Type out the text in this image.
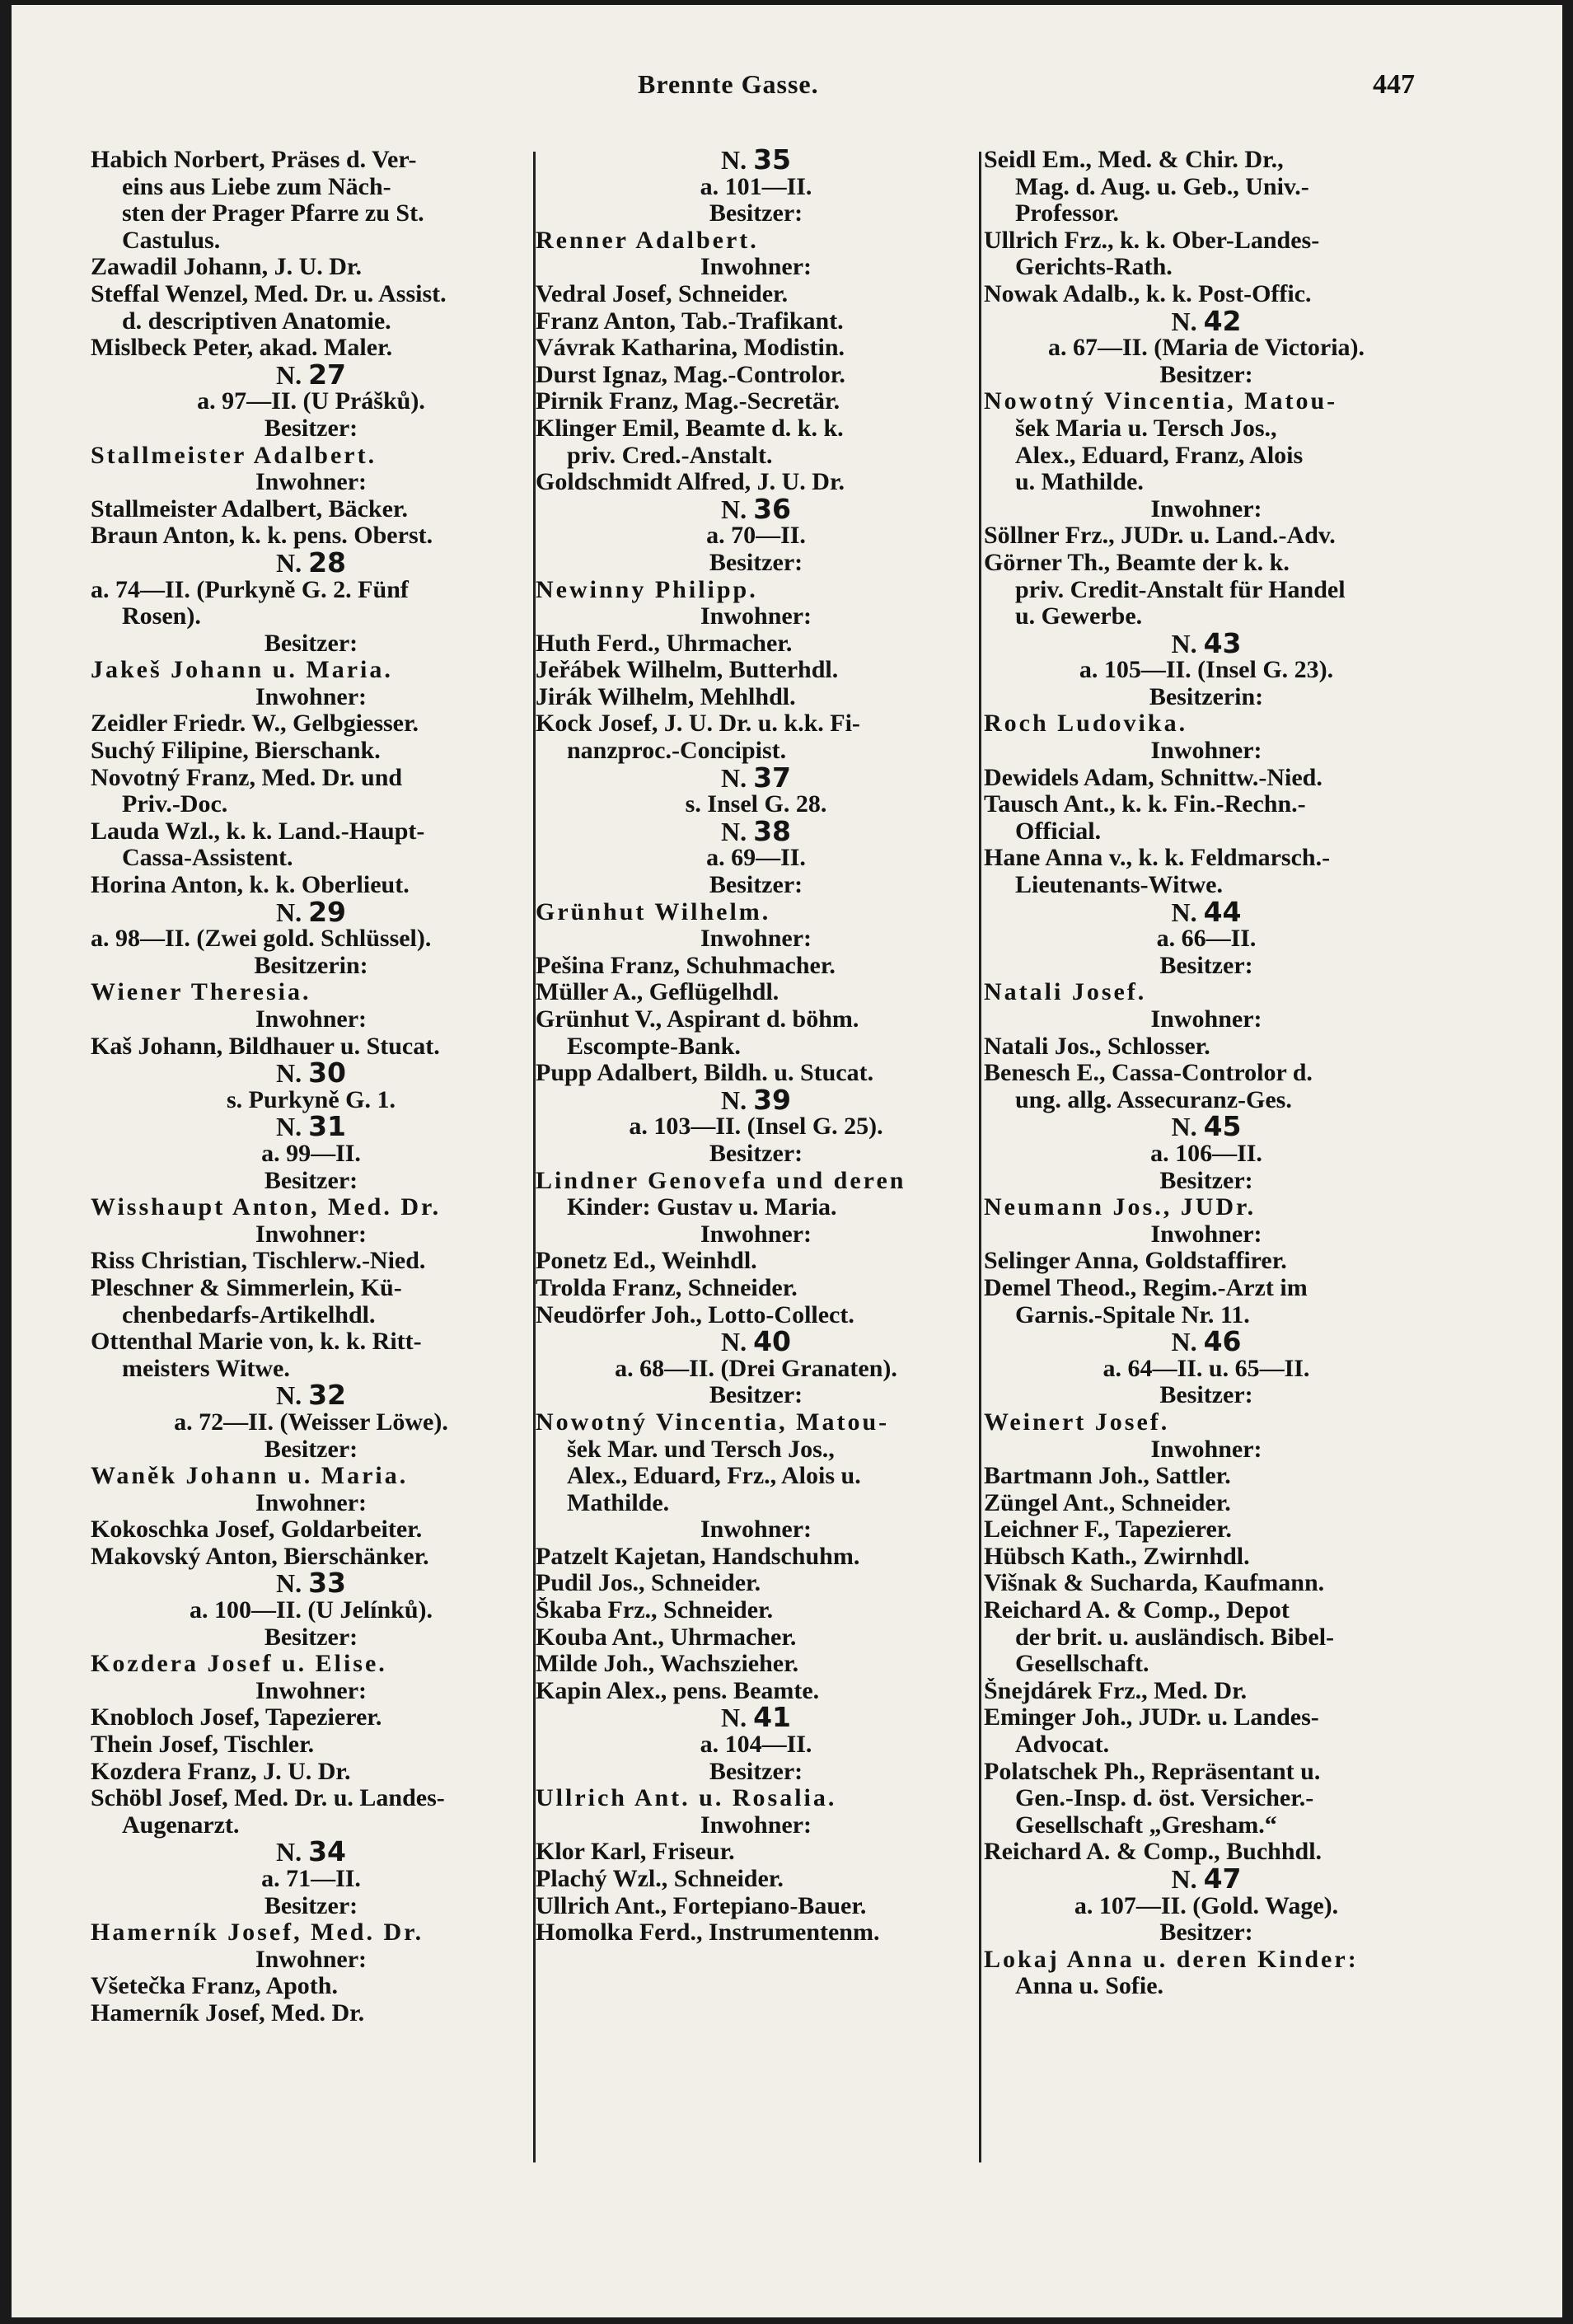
Brennte Gasse.	447
Habich Norbert, Präses d. Ver-
eins aus Liebe zum Näch-
sten der Prager Pfarre zu St.
Castulus.
Zawadil Johann, J. U. Dr.
Steffal Wenzel, Med. Dr. u. Assist.
d. descriptiven Anatomie.
Mislbeck Peter, akad. Maler.
N. 27
a. 97—II. (U Prášků).
Besitzer:
Stallmeister Adalbert.
Inwohner:
Stallmeister Adalbert, Bäcker.
Braun Anton, k. k. pens. Oberst.
N. 28
a. 74—II. (Purkyně G. 2. Fünf
Rosen).
Besitzer:
Jakeš Johann u. Maria.
Inwohner:
Zeidler Friedr. W., Gelbgiesser.
Suchý Filipine, Bierschank.
Novotný Franz, Med. Dr. und
Priv.-Doc.
Lauda Wzl., k. k. Land.-Haupt-
Cassa-Assistent.
Horina Anton, k. k. Oberlieut.
N. 29
a. 98—II. (Zwei gold. Schlüssel).
Besitzerin:
Wiener Theresia.
Inwohner:
Kaš Johann, Bildhauer u. Stucat.
N. 30
s. Purkyně G. 1.
N. 31
a. 99—II.
Besitzer:
Wisshaupt Anton, Med. Dr.
Inwohner:
Riss Christian, Tischlerw.-Nied.
Pleschner & Simmerlein, Kü-
chenbedarfs-Artikelhdl.
Ottenthal Marie von, k. k. Ritt-
meisters Witwe.
N. 32
a. 72—II. (Weisser Löwe).
Besitzer:
Waněk Johann u. Maria.
Inwohner:
Kokoschka Josef, Goldarbeiter.
Makovský Anton, Bierschänker.
N. 33
a. 100—II. (U Jelínků).
Besitzer:
Kozdera Josef u. Elise.
Inwohner:
Knobloch Josef, Tapezierer.
Thein Josef, Tischler.
Kozdera Franz, J. U. Dr.
Schöbl Josef, Med. Dr. u. Landes-
Augenarzt.
N. 34
a. 71—II.
Besitzer:
Hamerník Josef, Med. Dr.
Inwohner:
Všetečka Franz, Apoth.
Hamerník Josef, Med. Dr.
N. 35
a. 101—II.
Besitzer:
Renner Adalbert.
Inwohner:
Vedral Josef, Schneider.
Franz Anton, Tab.-Trafikant.
Vávrak Katharina, Modistin.
Durst Ignaz, Mag.-Controlor.
Pirnik Franz, Mag.-Secretär.
Klinger Emil, Beamte d. k. k.
priv. Cred.-Anstalt.
Goldschmidt Alfred, J. U. Dr.
N. 36
a. 70—II.
Besitzer:
Newinny Philipp.
Inwohner:
Huth Ferd., Uhrmacher.
Jeřábek Wilhelm, Butterhdl.
Jirák Wilhelm, Mehlhdl.
Kock Josef, J. U. Dr. u. k.k. Fi-
nanzproc.-Concipist.
N. 37
s. Insel G. 28.
N. 38
a. 69—II.
Besitzer:
Grünhut Wilhelm.
Inwohner:
Pešina Franz, Schuhmacher.
Müller A., Geflügelhdl.
Grünhut V., Aspirant d. böhm.
Escompte-Bank.
Pupp Adalbert, Bildh. u. Stucat.
N. 39
a. 103—II. (Insel G. 25).
Besitzer:
Lindner Genovefa und deren
Kinder: Gustav u. Maria.
Inwohner:
Ponetz Ed., Weinhdl.
Trolda Franz, Schneider.
Neudörfer Joh., Lotto-Collect.
N. 40
a. 68—II. (Drei Granaten).
Besitzer:
Nowotný Vincentia, Matou-
šek Mar. und Tersch Jos.,
Alex., Eduard, Frz., Alois u.
Mathilde.
Inwohner:
Patzelt Kajetan, Handschuhm.
Pudil Jos., Schneider.
Škaba Frz., Schneider.
Kouba Ant., Uhrmacher.
Milde Joh., Wachszieher.
Kapin Alex., pens. Beamte.
N. 41
a. 104—II.
Besitzer:
Ullrich Ant. u. Rosalia.
Inwohner:
Klor Karl, Friseur.
Plachý Wzl., Schneider.
Ullrich Ant., Fortepiano-Bauer.
Homolka Ferd., Instrumentenm.
Seidl Em., Med. & Chir. Dr.,
Mag. d. Aug. u. Geb., Univ.-
Professor.
Ullrich Frz., k. k. Ober-Landes-
Gerichts-Rath.
Nowak Adalb., k. k. Post-Offic.
N. 42
a. 67—II. (Maria de Victoria).
Besitzer:
Nowotný Vincentia, Matou-
šek Maria u. Tersch Jos.,
Alex., Eduard, Franz, Alois
u. Mathilde.
Inwohner:
Söllner Frz., JUDr. u. Land.-Adv.
Görner Th., Beamte der k. k.
priv. Credit-Anstalt für Handel
u. Gewerbe.
N. 43
a. 105—II. (Insel G. 23).
Besitzerin:
Roch Ludovika.
Inwohner:
Dewidels Adam, Schnittw.-Nied.
Tausch Ant., k. k. Fin.-Rechn.-
Official.
Hane Anna v., k. k. Feldmarsch.-
Lieutenants-Witwe.
N. 44
a. 66—II.
Besitzer:
Natali Josef.
Inwohner:
Natali Jos., Schlosser.
Benesch E., Cassa-Controlor d.
ung. allg. Assecuranz-Ges.
N. 45
a. 106—II.
Besitzer:
Neumann Jos., JUDr.
Inwohner:
Selinger Anna, Goldstaffirer.
Demel Theod., Regim.-Arzt im
Garnis.-Spitale Nr. 11.
N. 46
a. 64—II. u. 65—II.
Besitzer:
Weinert Josef.
Inwohner:
Bartmann Joh., Sattler.
Züngel Ant., Schneider.
Leichner F., Tapezierer.
Hübsch Kath., Zwirnhdl.
Višnak & Sucharda, Kaufmann.
Reichard A. & Comp., Depot
der brit. u. ausländisch. Bibel-
Gesellschaft.
Šnejdárek Frz., Med. Dr.
Eminger Joh., JUDr. u. Landes-
Advocat.
Polatschek Ph., Repräsentant u.
Gen.-Insp. d. öst. Versicher.-
Gesellschaft „Gresham.“
Reichard A. & Comp., Buchhdl.
N. 47
a. 107—II. (Gold. Wage).
Besitzer:
Lokaj Anna u. deren Kinder:
Anna u. Sofie.
